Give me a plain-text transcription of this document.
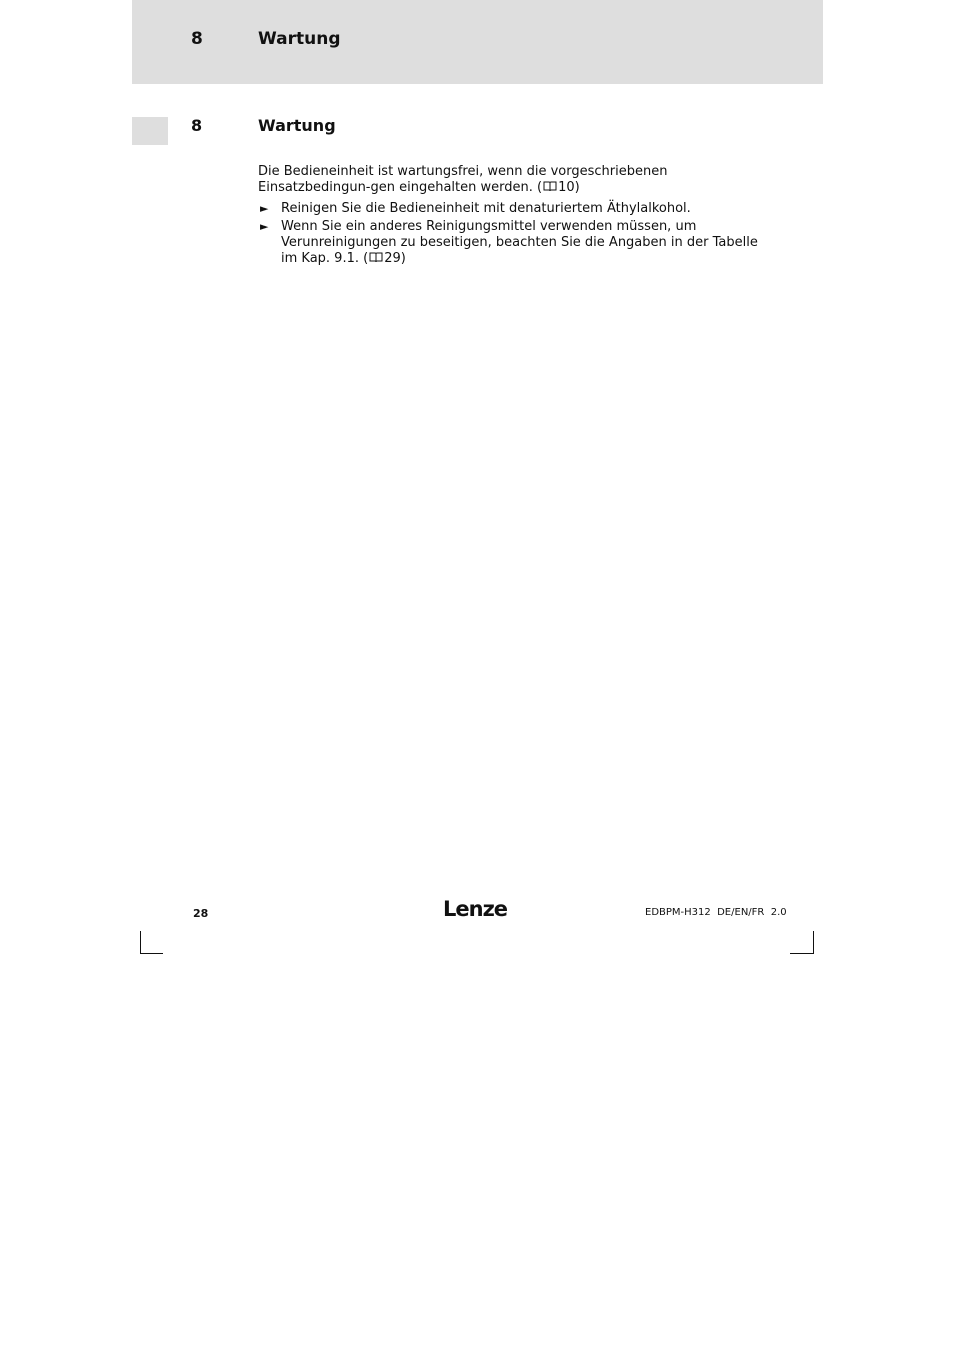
8	Wartung
8	Wartung

Die Bedieneinheit ist wartungsfrei, wenn die vorgeschriebenen Einsatzbedingun-gen eingehalten werden. ( 10)

► Reinigen Sie die Bedieneinheit mit denaturiertem Äthylalkohol.
► Wenn Sie ein anderes Reinigungsmittel verwenden müssen, um Verunreinigungen zu beseitigen, beachten Sie die Angaben in der Tabelle im Kap. 9.1. ( 29)
28	Lenze	EDBPM-H312  DE/EN/FR  2.0
